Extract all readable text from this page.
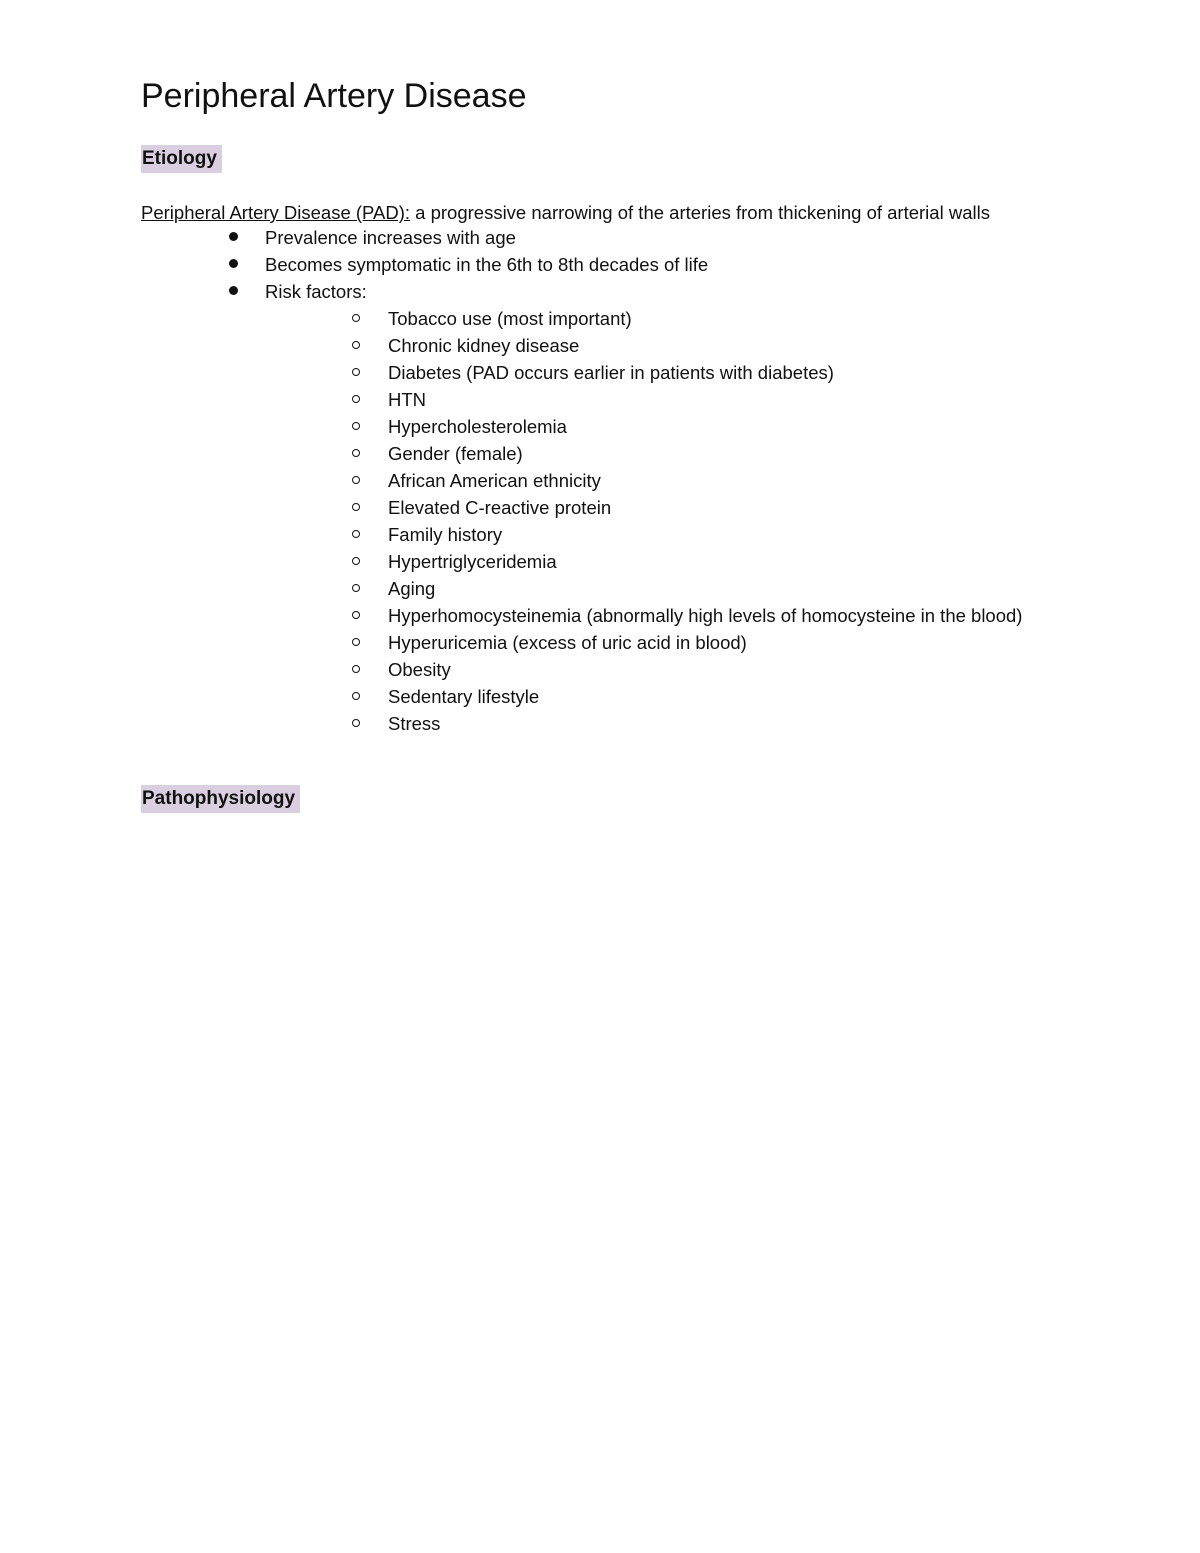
Peripheral Artery Disease
Etiology

Peripheral Artery Disease (PAD): a progressive narrowing of the arteries from thickening of arterial walls

Prevalence increases with age
Becomes symptomatic in the 6th to 8th decades of life
Risk factors:
Tobacco use (most important)
Chronic kidney disease
Diabetes (PAD occurs earlier in patients with diabetes)
HTN
Hypercholesterolemia
Gender (female)
African American ethnicity
Elevated C-reactive protein
Family history
Hypertriglyceridemia
Aging
Hyperhomocysteinemia (abnormally high levels of homocysteine in the blood)
Hyperuricemia (excess of uric acid in blood)
Obesity
Sedentary lifestyle
Stress
Pathophysiology
